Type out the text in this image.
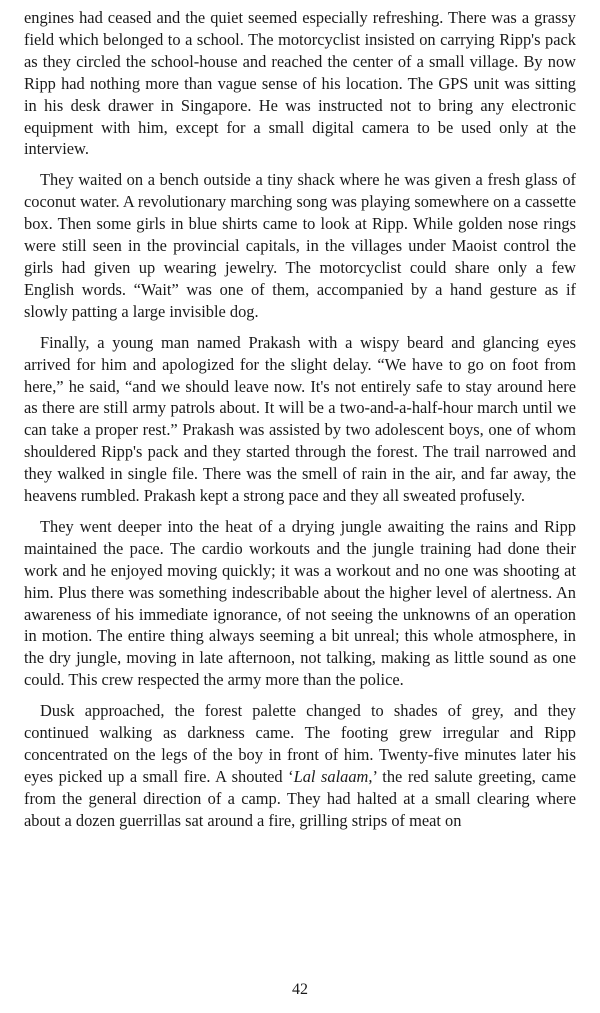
engines had ceased and the quiet seemed especially refreshing. There was a grassy field which belonged to a school. The motorcyclist insisted on carrying Ripp's pack as they circled the school-house and reached the center of a small village. By now Ripp had nothing more than vague sense of his location. The GPS unit was sitting in his desk drawer in Singapore. He was instructed not to bring any electronic equipment with him, except for a small digital camera to be used only at the interview.

They waited on a bench outside a tiny shack where he was given a fresh glass of coconut water. A revolutionary marching song was playing somewhere on a cassette box. Then some girls in blue shirts came to look at Ripp. While golden nose rings were still seen in the provincial capitals, in the villages under Maoist control the girls had given up wearing jewelry. The motorcyclist could share only a few English words. “Wait” was one of them, accompanied by a hand gesture as if slowly patting a large invisible dog.

Finally, a young man named Prakash with a wispy beard and glancing eyes arrived for him and apologized for the slight delay. “We have to go on foot from here,” he said, “and we should leave now. It's not entirely safe to stay around here as there are still army patrols about. It will be a two-and-a-half-hour march until we can take a proper rest.” Prakash was assisted by two adolescent boys, one of whom shouldered Ripp's pack and they started through the forest. The trail narrowed and they walked in single file. There was the smell of rain in the air, and far away, the heavens rumbled. Prakash kept a strong pace and they all sweated profusely.

They went deeper into the heat of a drying jungle awaiting the rains and Ripp maintained the pace. The cardio workouts and the jungle training had done their work and he enjoyed moving quickly; it was a workout and no one was shooting at him. Plus there was something indescribable about the higher level of alertness. An awareness of his immediate ignorance, of not seeing the unknowns of an operation in motion. The entire thing always seeming a bit unreal; this whole atmosphere, in the dry jungle, moving in late afternoon, not talking, making as little sound as one could. This crew respected the army more than the police.

Dusk approached, the forest palette changed to shades of grey, and they continued walking as darkness came. The footing grew irregular and Ripp concentrated on the legs of the boy in front of him. Twenty-five minutes later his eyes picked up a small fire. A shouted ‘Lal salaam,’ the red salute greeting, came from the general direction of a camp. They had halted at a small clearing where about a dozen guerrillas sat around a fire, grilling strips of meat on

42
